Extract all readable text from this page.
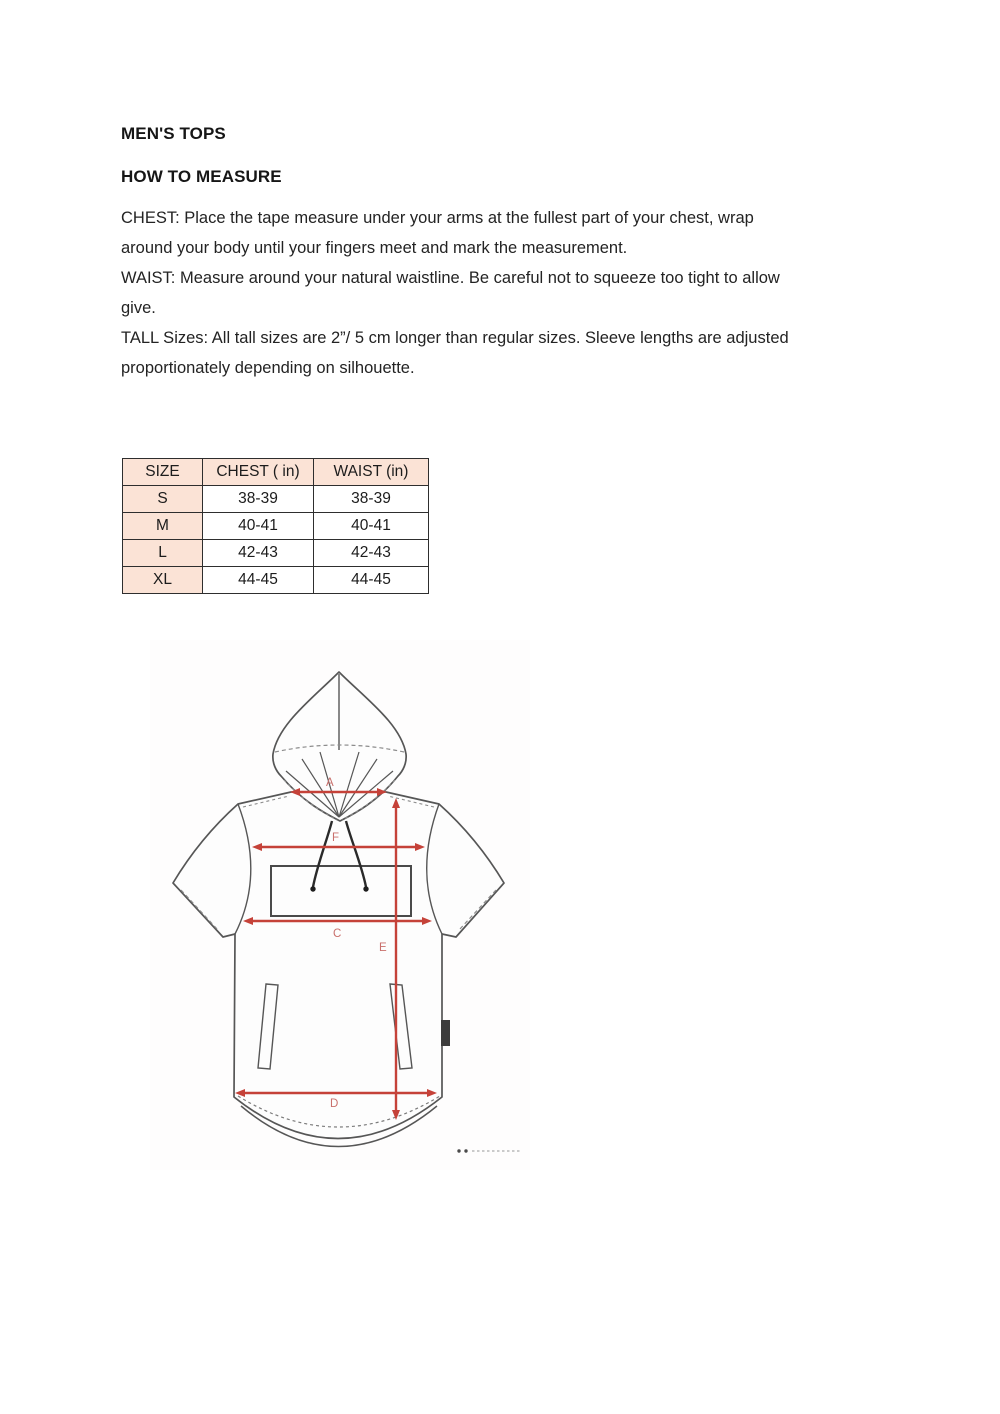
MEN'S TOPS

HOW TO MEASURE

CHEST: Place the tape measure under your arms at the fullest part of your chest, wrap
around your body until your fingers meet and mark the measurement.
WAIST: Measure around your natural waistline. Be careful not to squeeze too tight to allow
give.
TALL Sizes: All tall sizes are 2”/ 5 cm longer than regular sizes. Sleeve lengths are adjusted
proportionately depending on silhouette.
SIZE	CHEST ( in)	WAIST (in)
S	38-39	38-39
M	40-41	40-41
L	42-43	42-43
XL	44-45	44-45
A
F
C
E
D
